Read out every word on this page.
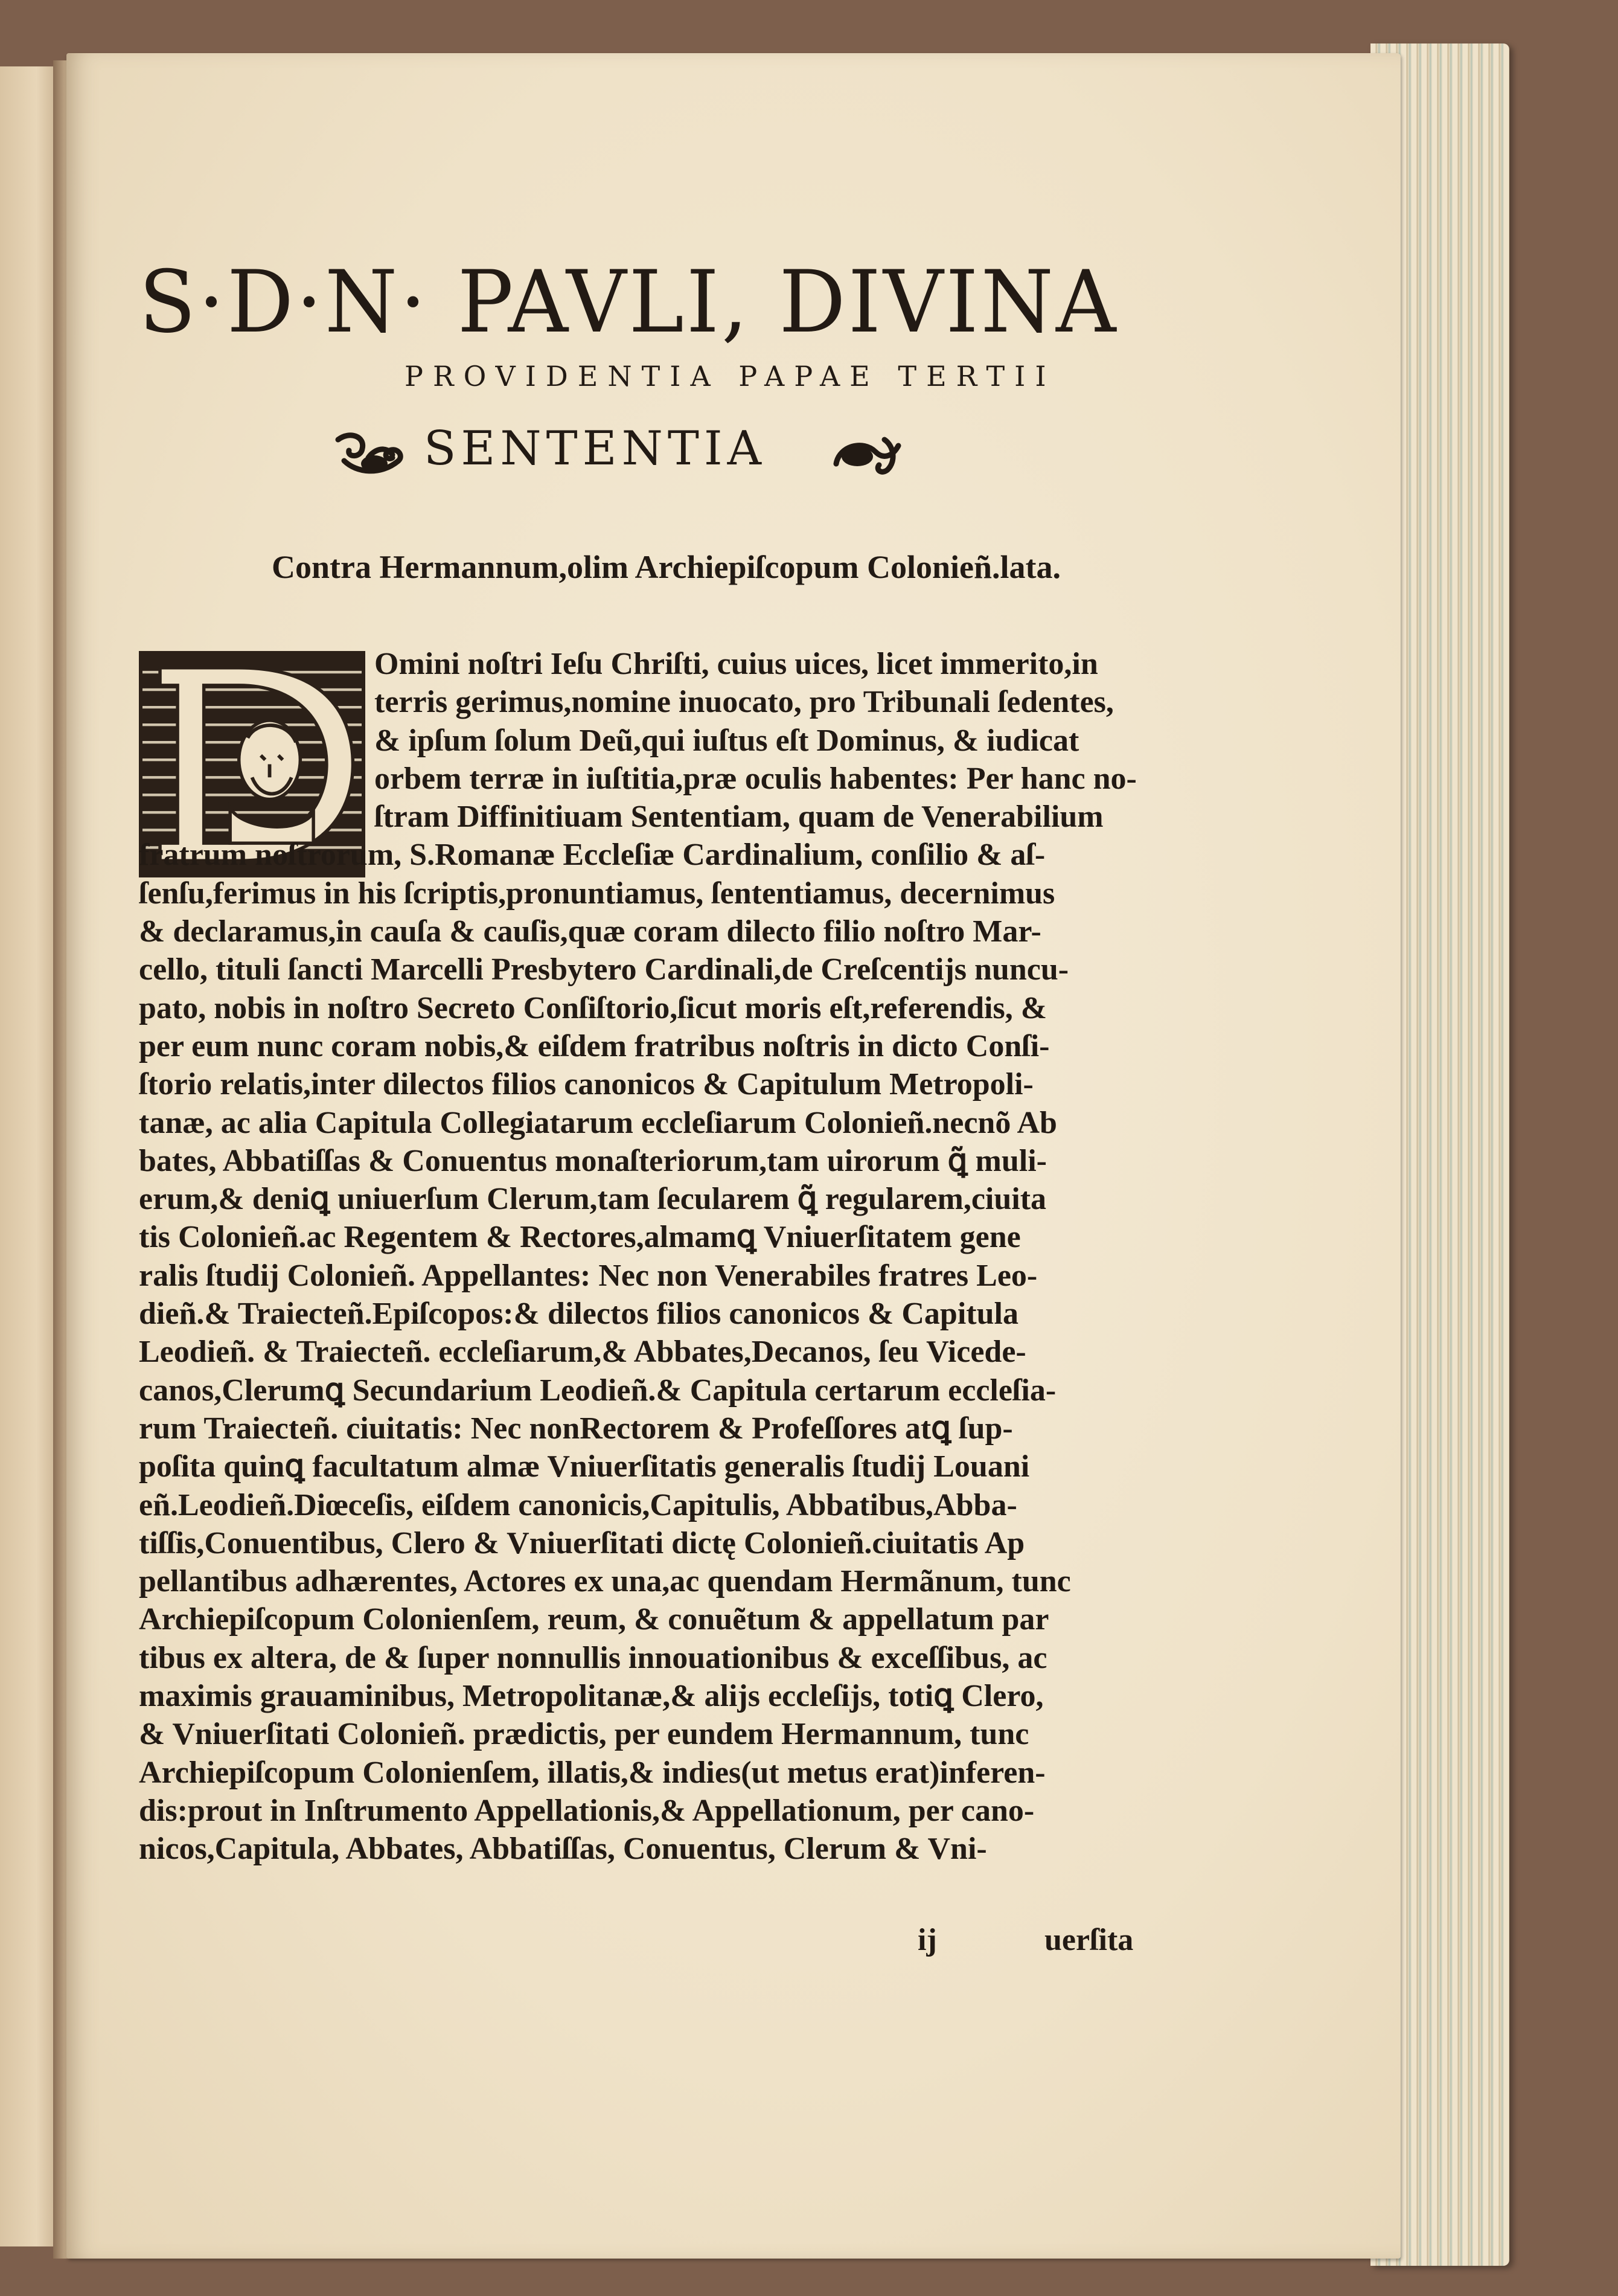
S·D·N· PAVLI, DIVINA
PROVIDENTIA PAPAE TERTII
SENTENTIA
Contra Hermannum,olim Archiepiſcopum Colonieñ.lata.
Omini noſtri Ieſu Chriſti, cuius uices, licet immerito,in
terris gerimus,nomine inuocato, pro Tribunali ſedentes,
& ipſum ſolum Deũ,qui iuſtus eſt Dominus, & iudicat
orbem terræ in iuſtitia,præ oculis habentes: Per hanc no-
ſtram Diffinitiuam Sententiam, quam de Venerabilium
fratrum noſtrorum, S.Romanæ Eccleſiæ Cardinalium, conſilio & aſ-
ſenſu,ferimus in his ſcriptis,pronuntiamus, ſententiamus, decernimus
& declaramus,in cauſa & cauſis,quæ coram dilecto filio noſtro Mar-
cello, tituli ſancti Marcelli Presbytero Cardinali,de Creſcentijs nuncu-
pato, nobis in noſtro Secreto Conſiſtorio,ſicut moris eſt,referendis, &
per eum nunc coram nobis,& eiſdem fratribus noſtris in dicto Conſi-
ſtorio relatis,inter dilectos filios canonicos & Capitulum Metropoli-
tanæ, ac alia Capitula Collegiatarum eccleſiarum Colonieñ.necnõ Ab
bates, Abbatiſſas & Conuentus monaſteriorum,tam uirorum ꝗ̃ muli-
erum,& deniꝗ uniuerſum Clerum,tam ſecularem ꝗ̃ regularem,ciuita
tis Colonieñ.ac Regentem & Rectores,almamꝗ Vniuerſitatem gene
ralis ſtudij Colonieñ. Appellantes: Nec non Venerabiles fratres Leo-
dieñ.& Traiecteñ.Epiſcopos:& dilectos filios canonicos & Capitula
Leodieñ. & Traiecteñ. eccleſiarum,& Abbates,Decanos, ſeu Vicede-
canos,Clerumꝗ Secundarium Leodieñ.& Capitula certarum eccleſia-
rum Traiecteñ. ciuitatis: Nec nonRectorem & Profeſſores atꝗ ſup-
poſita quinꝗ facultatum almæ Vniuerſitatis generalis ſtudij Louani
eñ.Leodieñ.Diœceſis, eiſdem canonicis,Capitulis, Abbatibus,Abba-
tiſſis,Conuentibus, Clero & Vniuerſitati dictę Colonieñ.ciuitatis Ap
pellantibus adhærentes, Actores ex una,ac quendam Hermãnum, tunc
Archiepiſcopum Colonienſem, reum, & conuẽtum & appellatum par
tibus ex altera, de & ſuper nonnullis innouationibus & exceſſibus, ac
maximis grauaminibus, Metropolitanæ,& alijs eccleſijs, totiꝗ Clero,
& Vniuerſitati Colonieñ. prædictis, per eundem Hermannum, tunc
Archiepiſcopum Colonienſem, illatis,& indies(ut metus erat)inferen-
dis:prout in Inſtrumento Appellationis,& Appellationum, per cano-
nicos,Capitula, Abbates, Abbatiſſas, Conuentus, Clerum & Vni-
ij	uerſita
